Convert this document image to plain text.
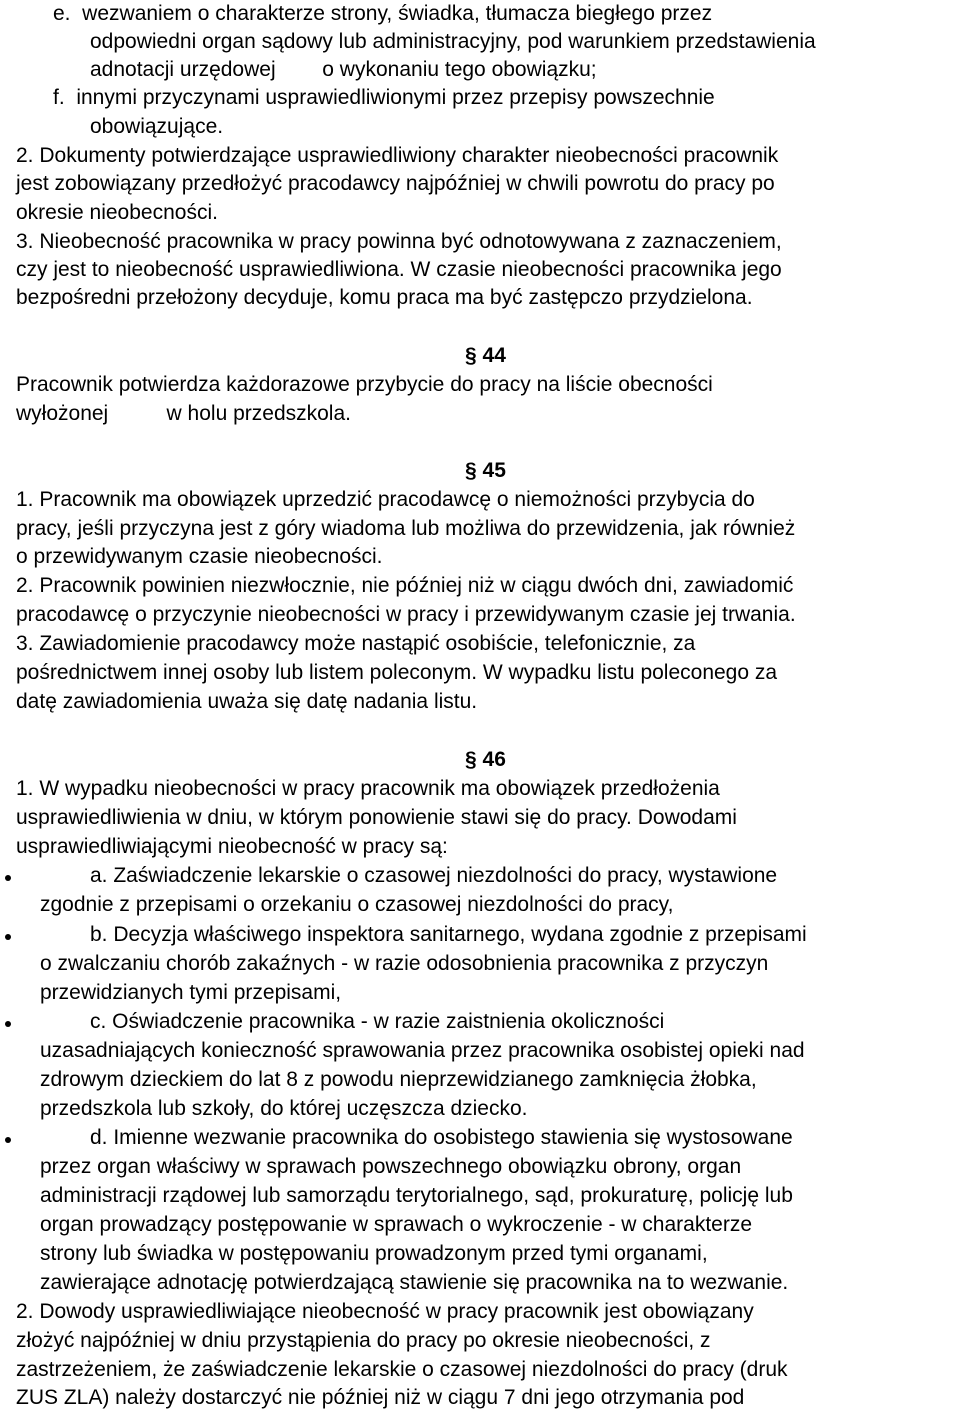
e.  wezwaniem o charakterze strony, świadka, tłumacza biegłego przez
odpowiedni organ sądowy lub administracyjny, pod warunkiem przedstawienia
adnotacji urzędowej        o wykonaniu tego obowiązku;
f.  innymi przyczynami usprawiedliwionymi przez przepisy powszechnie
obowiązujące.
2. Dokumenty potwierdzające usprawiedliwiony charakter nieobecności pracownik
jest zobowiązany przedłożyć pracodawcy najpóźniej w chwili powrotu do pracy po
okresie nieobecności.
3. Nieobecność pracownika w pracy powinna być odnotowywana z zaznaczeniem,
czy jest to nieobecność usprawiedliwiona. W czasie nieobecności pracownika jego
bezpośredni przełożony decyduje, komu praca ma być zastępczo przydzielona.
§ 44
Pracownik potwierdza każdorazowe przybycie do pracy na liście obecności
wyłożonej          w holu przedszkola.
§ 45
1. Pracownik ma obowiązek uprzedzić pracodawcę o niemożności przybycia do
pracy, jeśli przyczyna jest z góry wiadoma lub możliwa do przewidzenia, jak również
o przewidywanym czasie nieobecności.
2. Pracownik powinien niezwłocznie, nie później niż w ciągu dwóch dni, zawiadomić
pracodawcę o przyczynie nieobecności w pracy i przewidywanym czasie jej trwania.
3. Zawiadomienie pracodawcy może nastąpić osobiście, telefonicznie, za
pośrednictwem innej osoby lub listem poleconym. W wypadku listu poleconego za
datę zawiadomienia uważa się datę nadania listu.
§ 46
1. W wypadku nieobecności w pracy pracownik ma obowiązek przedłożenia
usprawiedliwienia w dniu, w którym ponowienie stawi się do pracy. Dowodami
usprawiedliwiającymi nieobecność w pracy są:
a. Zaświadczenie lekarskie o czasowej niezdolności do pracy, wystawione
zgodnie z przepisami o orzekaniu o czasowej niezdolności do pracy,
b. Decyzja właściwego inspektora sanitarnego, wydana zgodnie z przepisami
o zwalczaniu chorób zakaźnych - w razie odosobnienia pracownika z przyczyn
przewidzianych tymi przepisami,
c. Oświadczenie pracownika - w razie zaistnienia okoliczności
uzasadniających konieczność sprawowania przez pracownika osobistej opieki nad
zdrowym dzieckiem do lat 8 z powodu nieprzewidzianego zamknięcia żłobka,
przedszkola lub szkoły, do której uczęszcza dziecko.
d. Imienne wezwanie pracownika do osobistego stawienia się wystosowane
przez organ właściwy w sprawach powszechnego obowiązku obrony, organ
administracji rządowej lub samorządu terytorialnego, sąd, prokuraturę, policję lub
organ prowadzący postępowanie w sprawach o wykroczenie - w charakterze
strony lub świadka w postępowaniu prowadzonym przed tymi organami,
zawierające adnotację potwierdzającą stawienie się pracownika na to wezwanie.
2. Dowody usprawiedliwiające nieobecność w pracy pracownik jest obowiązany
złożyć najpóźniej w dniu przystąpienia do pracy po okresie nieobecności, z
zastrzeżeniem, że zaświadczenie lekarskie o czasowej niezdolności do pracy (druk
ZUS ZLA) należy dostarczyć nie później niż w ciągu 7 dni jego otrzymania pod
